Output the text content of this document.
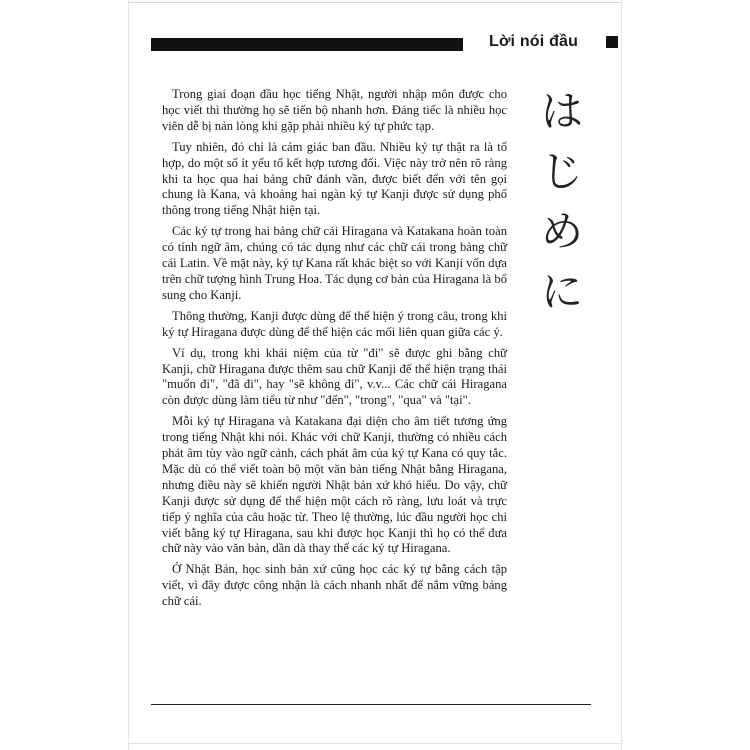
Lời nói đầu

Trong giai đoạn đầu học tiếng Nhật, người nhập môn được cho học viết thì thường họ sẽ tiến bộ nhanh hơn. Đáng tiếc là nhiều học viên dễ bị nản lòng khi gặp phải nhiều ký tự phức tạp.

Tuy nhiên, đó chỉ là cảm giác ban đầu. Nhiều ký tự thật ra là tổ hợp, do một số ít yếu tố kết hợp tương đối. Việc này trở nên rõ ràng khi ta học qua hai bảng chữ đánh vần, được biết đến với tên gọi chung là Kana, và khoảng hai ngàn ký tự Kanji được sử dụng phổ thông trong tiếng Nhật hiện tại.

Các ký tự trong hai bảng chữ cái Hiragana và Katakana hoàn toàn có tính ngữ âm, chúng có tác dụng như các chữ cái trong bảng chữ cái Latin. Về mặt này, ký tự Kana rất khác biệt so với Kanji vốn dựa trên chữ tượng hình Trung Hoa. Tác dụng cơ bản của Hiragana là bổ sung cho Kanji.

Thông thường, Kanji được dùng để thể hiện ý trong câu, trong khi ký tự Hiragana được dùng để thể hiện các mối liên quan giữa các ý.

Ví dụ, trong khi khái niệm của từ "đi" sẽ được ghi bằng chữ Kanji, chữ Hiragana được thêm sau chữ Kanji để thể hiện trạng thái "muốn đi", "đã đi", hay "sẽ không đi", v.v... Các chữ cái Hiragana còn được dùng làm tiểu từ như "đến", "trong", "qua" và "tại".

Mỗi ký tự Hiragana và Katakana đại diện cho âm tiết tương ứng trong tiếng Nhật khi nói. Khác với chữ Kanji, thường có nhiều cách phát âm tùy vào ngữ cảnh, cách phát âm của ký tự Kana có quy tắc. Mặc dù có thể viết toàn bộ một văn bản tiếng Nhật bằng Hiragana, nhưng điều này sẽ khiến người Nhật bản xứ khó hiểu. Do vậy, chữ Kanji được sử dụng để thể hiện một cách rõ ràng, lưu loát và trực tiếp ý nghĩa của câu hoặc từ. Theo lệ thường, lúc đầu người học chỉ viết bằng ký tự Hiragana, sau khi được học Kanji thì họ có thể đưa chữ này vào văn bản, dần dà thay thế các ký tự Hiragana.

Ở Nhật Bản, học sinh bản xứ cũng học các ký tự bằng cách tập viết, vì đây được công nhận là cách nhanh nhất để nắm vững bảng chữ cái.

は
じ
め
に
